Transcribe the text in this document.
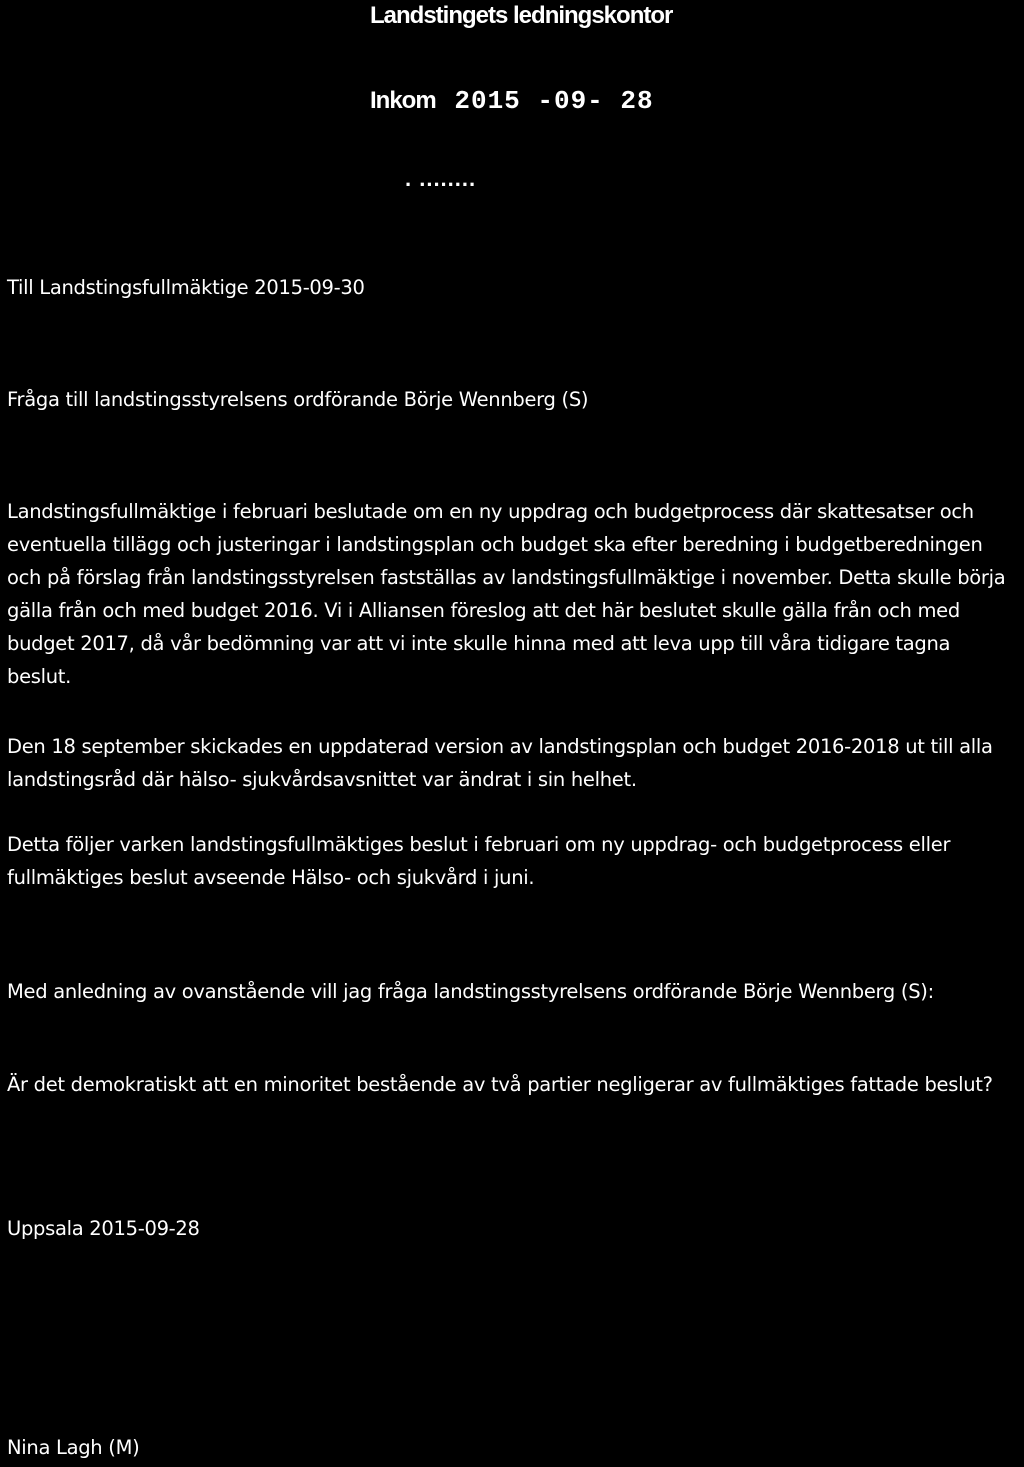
Landstingets ledningskontor
Inkom 2015 -09- 28
. ........
Till Landstingsfullmäktige 2015-09-30
Fråga till landstingsstyrelsens ordförande Börje Wennberg (S)

Landstingsfullmäktige i februari beslutade om en ny uppdrag och budgetprocess där skattesatser och eventuella tillägg och justeringar i landstingsplan och budget ska efter beredning i budgetberedningen och på förslag från landstingsstyrelsen fastställas av landstingsfullmäktige i november. Detta skulle börja gälla från och med budget 2016. Vi i Alliansen föreslog att det här beslutet skulle gälla från och med budget 2017, då vår bedömning var att vi inte skulle hinna med att leva upp till våra tidigare tagna beslut.

Den 18 september skickades en uppdaterad version av landstingsplan och budget 2016-2018 ut till alla landstingsråd där hälso- sjukvårdsavsnittet var ändrat i sin helhet.

Detta följer varken landstingsfullmäktiges beslut i februari om ny uppdrag- och budgetprocess eller fullmäktiges beslut avseende Hälso- och sjukvård i juni.

Med anledning av ovanstående vill jag fråga landstingsstyrelsens ordförande Börje Wennberg (S):

Är det demokratiskt att en minoritet bestående av två partier negligerar av fullmäktiges fattade beslut?

Uppsala 2015-09-28
Nina Lagh (M)
